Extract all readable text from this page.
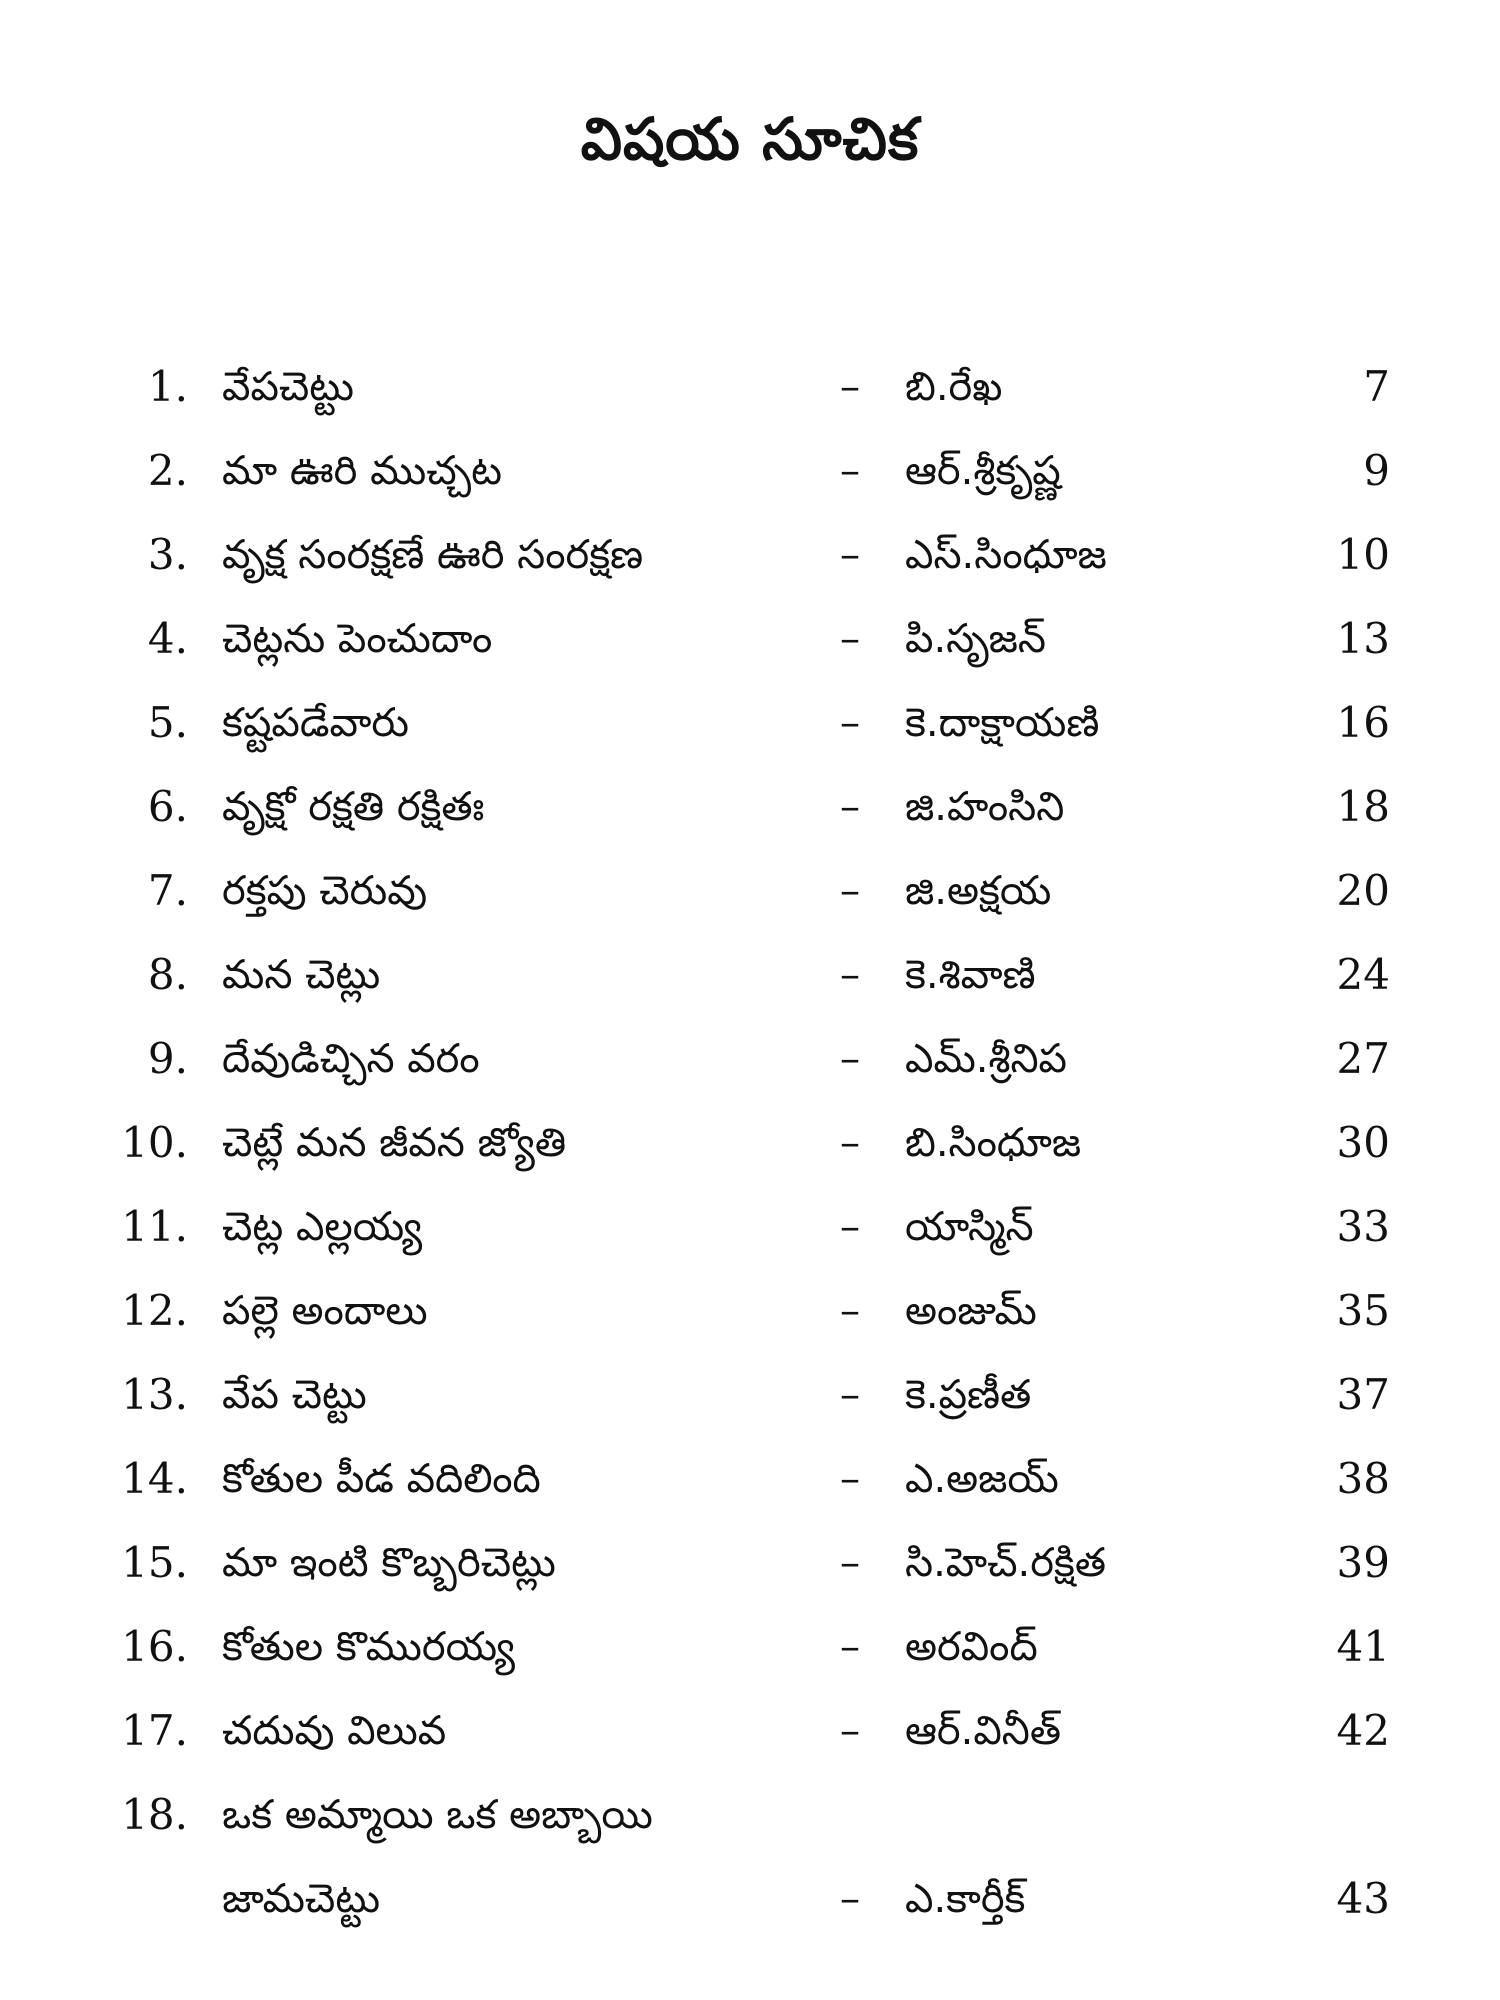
విషయ సూచిక
1. వేపచెట్టు	– బి.రేఖ	7
2. మా ఊరి ముచ్చట	– ఆర్.శ్రీకృష్ణ	9
3. వృక్ష సంరక్షణే ఊరి సంరక్షణ	– ఎస్.సింధూజ	10
4. చెట్లను పెంచుదాం	– పి.సృజన్	13
5. కష్టపడేవారు	– కె.దాక్షాయణి	16
6. వృక్షో రక్షతి రక్షితః	– జి.హంసిని	18
7. రక్తపు చెరువు	– జి.అక్షయ	20
8. మన చెట్లు	– కె.శివాణి	24
9. దేవుడిచ్చిన వరం	– ఎమ్.శ్రీనిప	27
10. చెట్లే మన జీవన జ్యోతి	– బి.సింధూజ	30
11. చెట్ల ఎల్లయ్య	– యాస్మిన్	33
12. పల్లె అందాలు	– అంజుమ్	35
13. వేప చెట్టు	– కె.ప్రణీత	37
14. కోతుల పీడ వదిలింది	– ఎ.అజయ్	38
15. మా ఇంటి కొబ్బరిచెట్లు	– సి.హెచ్.రక్షిత	39
16. కోతుల కొమురయ్య	– అరవింద్	41
17. చదువు విలువ	– ఆర్.వినీత్	42
18. ఒక అమ్మాయి ఒక అబ్బాయి
జామచెట్టు	– ఎ.కార్తీక్	43
